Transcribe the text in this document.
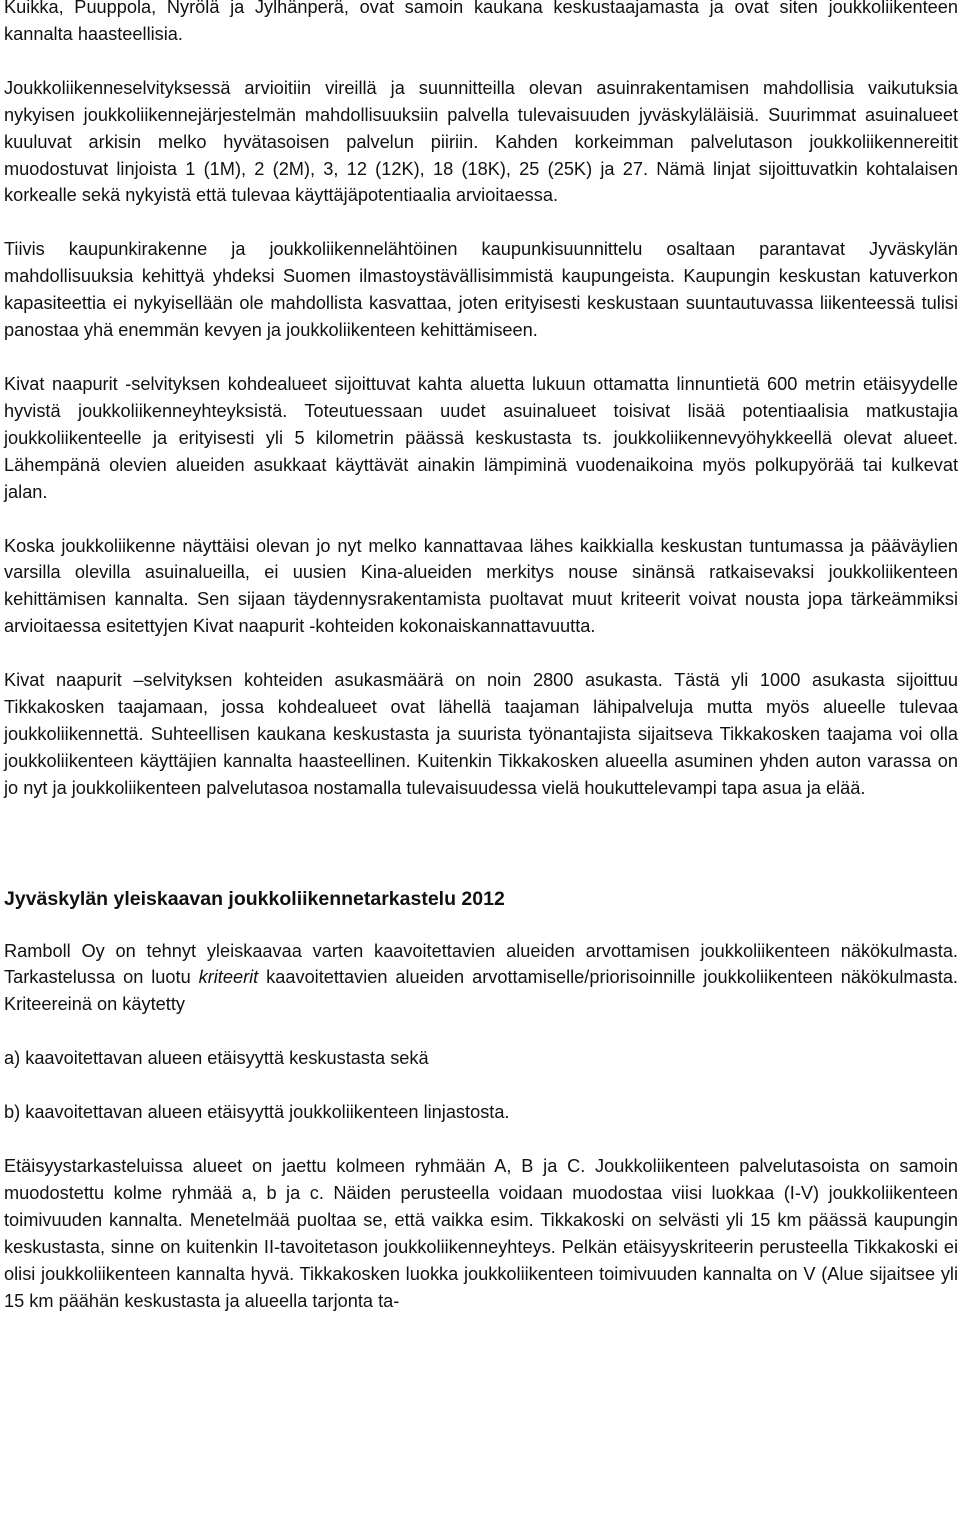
Kuikka, Puuppola, Nyrölä ja Jylhänperä, ovat samoin kaukana keskustaajamasta ja ovat siten joukkoliikenteen kannalta haasteellisia.

Joukkoliikenneselvityksessä arvioitiin vireillä ja suunnitteilla olevan asuinrakentamisen mahdollisia vaikutuksia nykyisen joukkoliikennejärjestelmän mahdollisuuksiin palvella tulevaisuuden jyväskyläläisiä. Suurimmat asuinalueet kuuluvat arkisin melko hyvätasoisen palvelun piiriin. Kahden korkeimman palvelutason joukkoliikennereitit muodostuvat linjoista 1 (1M), 2 (2M), 3, 12 (12K), 18 (18K), 25 (25K) ja 27. Nämä linjat sijoittuvatkin kohtalaisen korkealle sekä nykyistä että tulevaa käyttäjäpotentiaalia arvioitaessa.

Tiivis kaupunkirakenne ja joukkoliikennelähtöinen kaupunkisuunnittelu osaltaan parantavat Jyväskylän mahdollisuuksia kehittyä yhdeksi Suomen ilmastoystävällisimmistä kaupungeista. Kaupungin keskustan katuverkon kapasiteettia ei nykyisellään ole mahdollista kasvattaa, joten erityisesti keskustaan suuntautuvassa liikenteessä tulisi panostaa yhä enemmän kevyen ja joukkoliikenteen kehittämiseen.

Kivat naapurit -selvityksen kohdealueet sijoittuvat kahta aluetta lukuun ottamatta linnuntietä 600 metrin etäisyydelle hyvistä joukkoliikenneyhteyksistä. Toteutuessaan uudet asuinalueet toisivat lisää potentiaalisia matkustajia joukkoliikenteelle ja erityisesti yli 5 kilometrin päässä keskustasta ts. joukkoliikennevyöhykkeellä olevat alueet. Lähempänä olevien alueiden asukkaat käyttävät ainakin lämpiminä vuodenaikoina myös polkupyörää tai kulkevat jalan.

Koska joukkoliikenne näyttäisi olevan jo nyt melko kannattavaa lähes kaikkialla keskustan tuntumassa ja pääväylien varsilla olevilla asuinalueilla, ei uusien Kina-alueiden merkitys nouse sinänsä ratkaisevaksi joukkoliikenteen kehittämisen kannalta. Sen sijaan täydennysrakentamista puoltavat muut kriteerit voivat nousta jopa tärkeämmiksi arvioitaessa esitettyjen Kivat naapurit -kohteiden kokonaiskannattavuutta.

Kivat naapurit –selvityksen kohteiden asukasmäärä on noin 2800 asukasta. Tästä yli 1000 asukasta sijoittuu Tikkakosken taajamaan, jossa kohdealueet ovat lähellä taajaman lähipalveluja mutta myös alueelle tulevaa joukkoliikennettä. Suhteellisen kaukana keskustasta ja suurista työnantajista sijaitseva Tikkakosken taajama voi olla joukkoliikenteen käyttäjien kannalta haasteellinen. Kuitenkin Tikkakosken alueella asuminen yhden auton varassa on jo nyt ja joukkoliikenteen palvelutasoa nostamalla tulevaisuudessa vielä houkuttelevampi tapa asua ja elää.

Jyväskylän yleiskaavan joukkoliikennetarkastelu 2012

Ramboll Oy on tehnyt yleiskaavaa varten kaavoitettavien alueiden arvottamisen joukkoliikenteen näkökulmasta. Tarkastelussa on luotu kriteerit kaavoitettavien alueiden arvottamiselle/priorisoinnille joukkoliikenteen näkökulmasta. Kriteereinä on käytetty

a) kaavoitettavan alueen etäisyyttä keskustasta sekä

b) kaavoitettavan alueen etäisyyttä joukkoliikenteen linjastosta.

Etäisyystarkasteluissa alueet on jaettu kolmeen ryhmään A, B ja C. Joukkoliikenteen palvelutasoista on samoin muodostettu kolme ryhmää a, b ja c. Näiden perusteella voidaan muodostaa viisi luokkaa (I-V) joukkoliikenteen toimivuuden kannalta. Menetelmää puoltaa se, että vaikka esim. Tikkakoski on selvästi yli 15 km päässä kaupungin keskustasta, sinne on kuitenkin II-tavoitetason joukkoliikenneyhteys. Pelkän etäisyyskriteerin perusteella Tikkakoski ei olisi joukkoliikenteen kannalta hyvä. Tikkakosken luokka joukkoliikenteen toimivuuden kannalta on V (Alue sijaitsee yli 15 km päähän keskustasta ja alueella tarjonta ta-
